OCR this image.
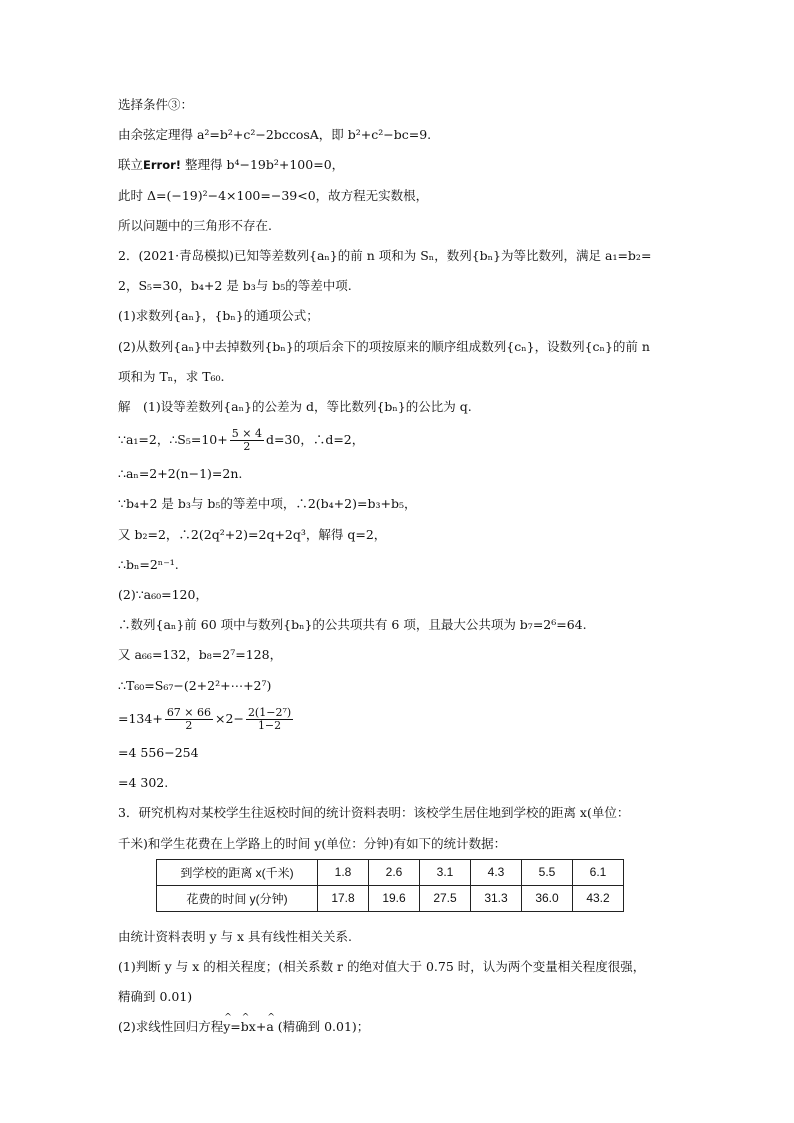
选择条件③：

由余弦定理得 a²=b²+c²−2bccosA，即 b²+c²−bc=9.

联立Error! 整理得 b⁴−19b²+100=0，

此时 Δ=(−19)²−4×100=−39<0，故方程无实数根，

所以问题中的三角形不存在.

2．(2021·青岛模拟)已知等差数列{aₙ}的前 n 项和为 Sₙ，数列{bₙ}为等比数列，满足 a₁=b₂=

2，S₅=30，b₄+2 是 b₃与 b₅的等差中项.

(1)求数列{aₙ}，{bₙ}的通项公式；

(2)从数列{aₙ}中去掉数列{bₙ}的项后余下的项按原来的顺序组成数列{cₙ}，设数列{cₙ}的前 n

项和为 Tₙ，求 T₆₀.

解　(1)设等差数列{aₙ}的公差为 d，等比数列{bₙ}的公比为 q.

∵a₁=2，∴S₅=10+ $\frac{5 \times 4}{2} d=30$，∴d=2，

∴aₙ=2+2(n−1)=2n.

∵b₄+2 是 b₃与 b₅的等差中项，∴2(b₄+2)=b₃+b₅，

又 b₂=2，∴2(2q²+2)=2q+2q³，解得 q=2，

∴bₙ=2ⁿ⁻¹.

(2)∵a₆₀=120，

∴数列{aₙ}前 60 项中与数列{bₙ}的公共项共有 6 项，且最大公共项为 b₇=2⁶=64.

又 a₆₆=132，b₈=2⁷=128，

∴T₆₀=S₆₇−(2+2²+⋯+2⁷)

$=134+ \frac{67 \times 66}{2} \times 2- \frac{\text{2(1−2⁷)}}{1-2}$

=4 556−254

=4 302.

3．研究机构对某校学生往返校时间的统计资料表明：该校学生居住地到学校的距离 x(单位：

千米)和学生花费在上学路上的时间 y(单位：分钟)有如下的统计数据：

到学校的距离 x(千米)	1.8	2.6	3.1	4.3	5.5	6.1
花费的时间 y(分钟)	17.8	19.6	27.5	31.3	36.0	43.2

由统计资料表明 y 与 x 具有线性相关关系.

(1)判断 y 与 x 的相关程度；(相关系数 r 的绝对值大于 0.75 时，认为两个变量相关程度很强，

精确到 0.01)

(2)求线性回归方程^ y=^ bx+^ a (精确到 0.01)；
